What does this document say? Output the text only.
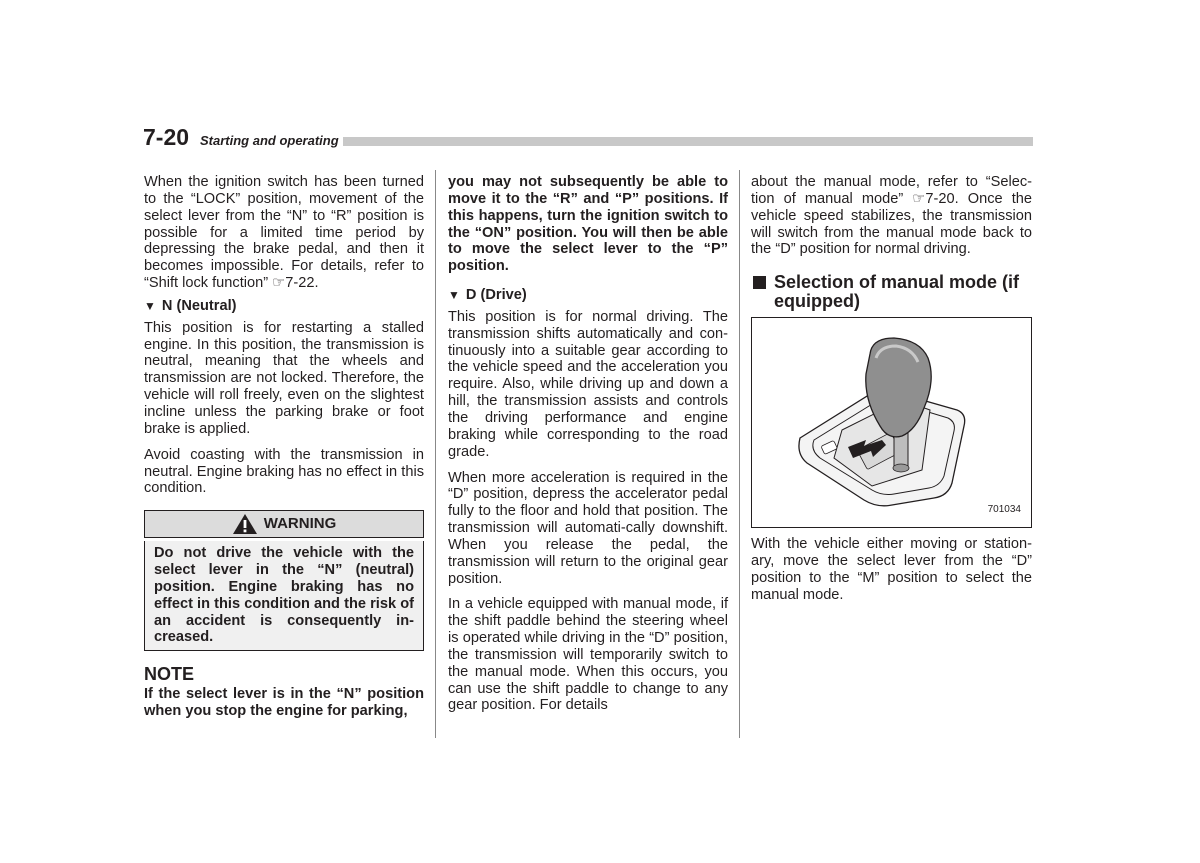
7-20 Starting and operating

When the ignition switch has been turned to the “LOCK” position, movement of the select lever from the “N” to “R” position is possible for a limited time period by depressing the brake pedal, and then it becomes impossible. For details, refer to “Shift lock function” ☞7-22.

▼ N (Neutral)

This position is for restarting a stalled engine. In this position, the transmission is neutral, meaning that the wheels and transmission are not locked. Therefore, the vehicle will roll freely, even on the slightest incline unless the parking brake or foot brake is applied.

Avoid coasting with the transmission in neutral. Engine braking has no effect in this condition.

WARNING

Do not drive the vehicle with the select lever in the “N” (neutral) position. Engine braking has no effect in this condition and the risk of an accident is consequently in-creased.

NOTE

If the select lever is in the “N” position when you stop the engine for parking,

you may not subsequently be able to move it to the “R” and “P” positions. If this happens, turn the ignition switch to the “ON” position. You will then be able to move the select lever to the “P” position.

▼ D (Drive)

This position is for normal driving. The transmission shifts automatically and con-tinuously into a suitable gear according to the vehicle speed and the acceleration you require. Also, while driving up and down a hill, the transmission assists and controls the driving performance and engine braking while corresponding to the road grade.

When more acceleration is required in the “D” position, depress the accelerator pedal fully to the floor and hold that position. The transmission will automati-cally downshift. When you release the pedal, the transmission will return to the original gear position.

In a vehicle equipped with manual mode, if the shift paddle behind the steering wheel is operated while driving in the “D” position, the transmission will temporarily switch to the manual mode. When this occurs, you can use the shift paddle to change to any gear position. For details

about the manual mode, refer to “Selec-tion of manual mode” ☞7-20. Once the vehicle speed stabilizes, the transmission will switch from the manual mode back to the “D” position for normal driving.

Selection of manual mode (if equipped)
701034

With the vehicle either moving or station-ary, move the select lever from the “D” position to the “M” position to select the manual mode.
